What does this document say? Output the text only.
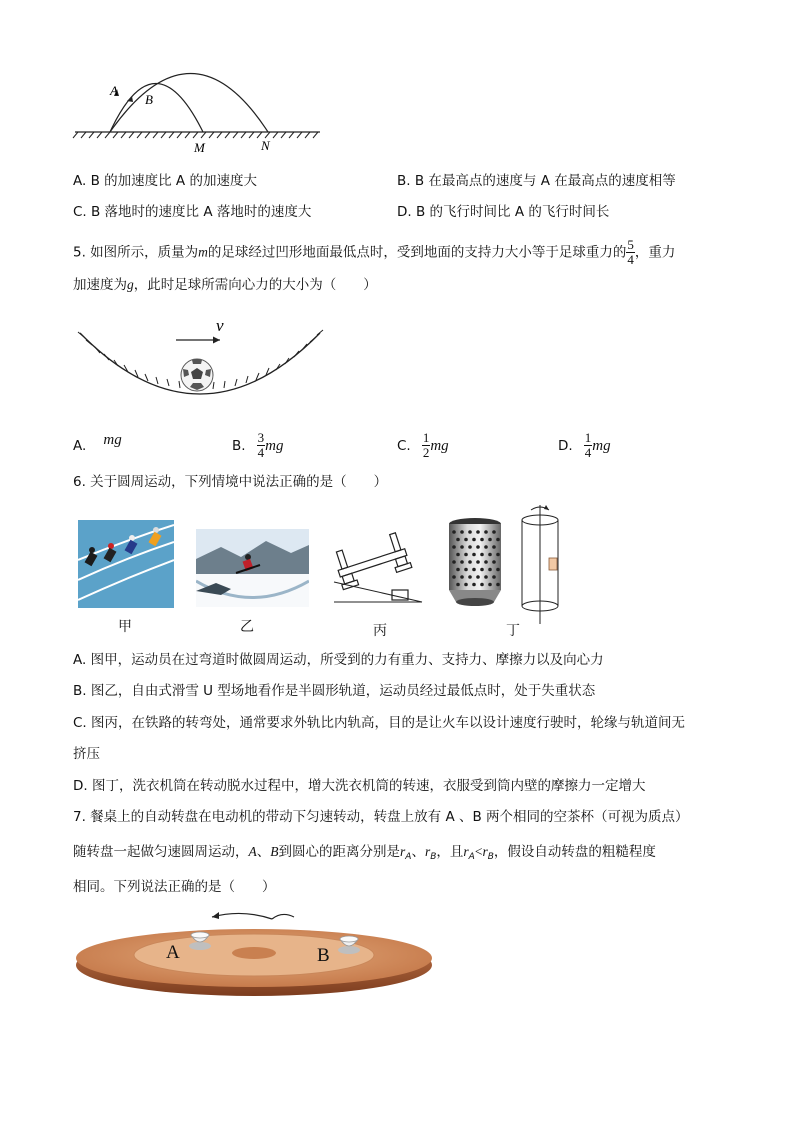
A
B
M	N
A. B 的加速度比 A 的加速度大	B. B 在最高点的速度与 A 在最高点的速度相等
C. B 落地时的速度比 A 落地时的速度大	D. B 的飞行时间比 A 的飞行时间长
5. 如图所示，质量为m的足球经过凹形地面最低点时，受到地面的支持力大小等于足球重力的 $\frac{5}{4}$ ，重力
加速度为g，此时足球所需向心力的大小为（　　）
v
A. mg	B. $\frac{3}{4}$ mg	C. $\frac{1}{2}$ mg	D. $\frac{1}{4}$ mg
6. 关于圆周运动，下列情境中说法正确的是（　　）
甲	乙	丙	丁
A. 图甲，运动员在过弯道时做圆周运动，所受到的力有重力、支持力、摩擦力以及向心力
B. 图乙，自由式滑雪 U 型场地看作是半圆形轨道，运动员经过最低点时，处于失重状态
C. 图丙，在铁路的转弯处，通常要求外轨比内轨高，目的是让火车以设计速度行驶时，轮缘与轨道间无
挤压
D. 图丁，洗衣机筒在转动脱水过程中，增大洗衣机筒的转速，衣服受到筒内壁的摩擦力一定增大
7. 餐桌上的自动转盘在电动机的带动下匀速转动，转盘上放有 A 、B 两个相同的空茶杯（可视为质点）
随转盘一起做匀速圆周运动，A、B到圆心的距离分别是$r_A$、$r_B$，且$r_A<r_B$，假设自动转盘的粗糙程度
相同。下列说法正确的是（　　）
A	B
